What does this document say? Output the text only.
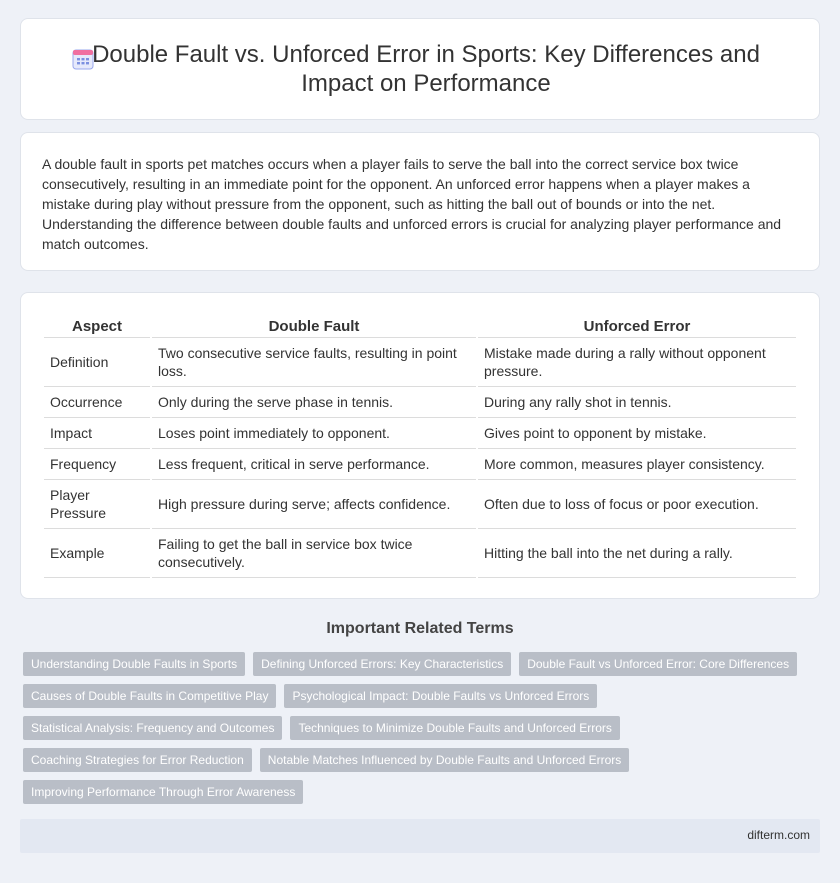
Double Fault vs. Unforced Error in Sports: Key Differences and Impact on Performance

A double fault in sports pet matches occurs when a player fails to serve the ball into the correct service box twice consecutively, resulting in an immediate point for the opponent. An unforced error happens when a player makes a mistake during play without pressure from the opponent, such as hitting the ball out of bounds or into the net. Understanding the difference between double faults and unforced errors is crucial for analyzing player performance and match outcomes.

Aspect	Double Fault	Unforced Error
Definition	Two consecutive service faults, resulting in point loss.	Mistake made during a rally without opponent pressure.
Occurrence	Only during the serve phase in tennis.	During any rally shot in tennis.
Impact	Loses point immediately to opponent.	Gives point to opponent by mistake.
Frequency	Less frequent, critical in serve performance.	More common, measures player consistency.
Player Pressure	High pressure during serve; affects confidence.	Often due to loss of focus or poor execution.
Example	Failing to get the ball in service box twice consecutively.	Hitting the ball into the net during a rally.
Important Related Terms
Understanding Double Faults in Sports	Defining Unforced Errors: Key Characteristics	Double Fault vs Unforced Error: Core Differences
Causes of Double Faults in Competitive Play	Psychological Impact: Double Faults vs Unforced Errors
Statistical Analysis: Frequency and Outcomes	Techniques to Minimize Double Faults and Unforced Errors
Coaching Strategies for Error Reduction	Notable Matches Influenced by Double Faults and Unforced Errors
Improving Performance Through Error Awareness
difterm.com
